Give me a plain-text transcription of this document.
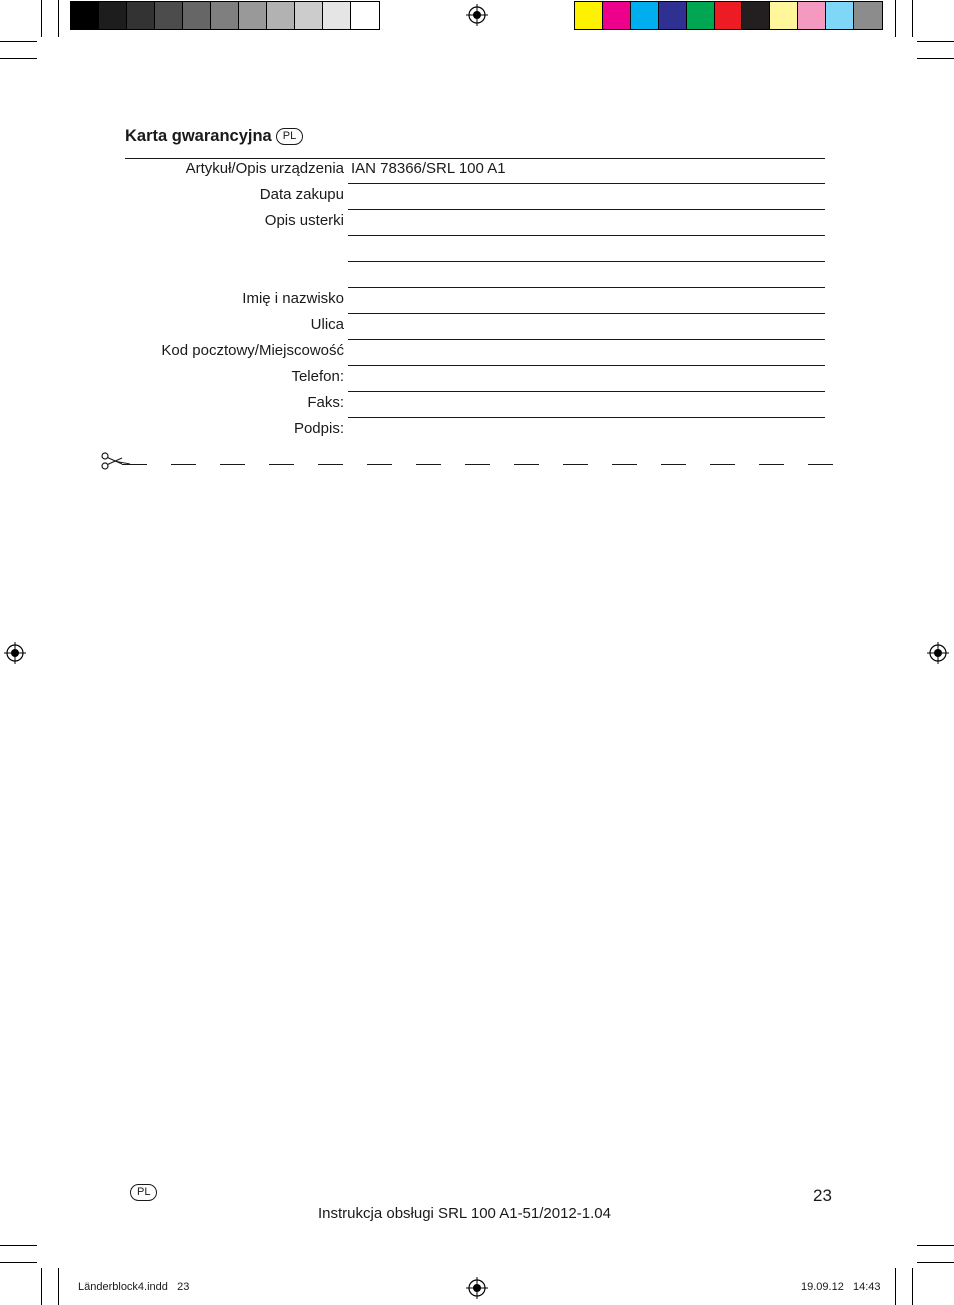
Karta gwarancyjna	PL
Artykuł/Opis urządzenia IAN 78366/SRL 100 A1
Data zakupu
Opis usterki
Imię i nazwisko
Ulica
Kod pocztowy/Miejscowość
Telefon:
Faks:
Podpis:
PL	23
Instrukcja obsługi SRL 100 A1-51/2012-1.04
Länderblock4.indd   23	19.09.12   14:43
